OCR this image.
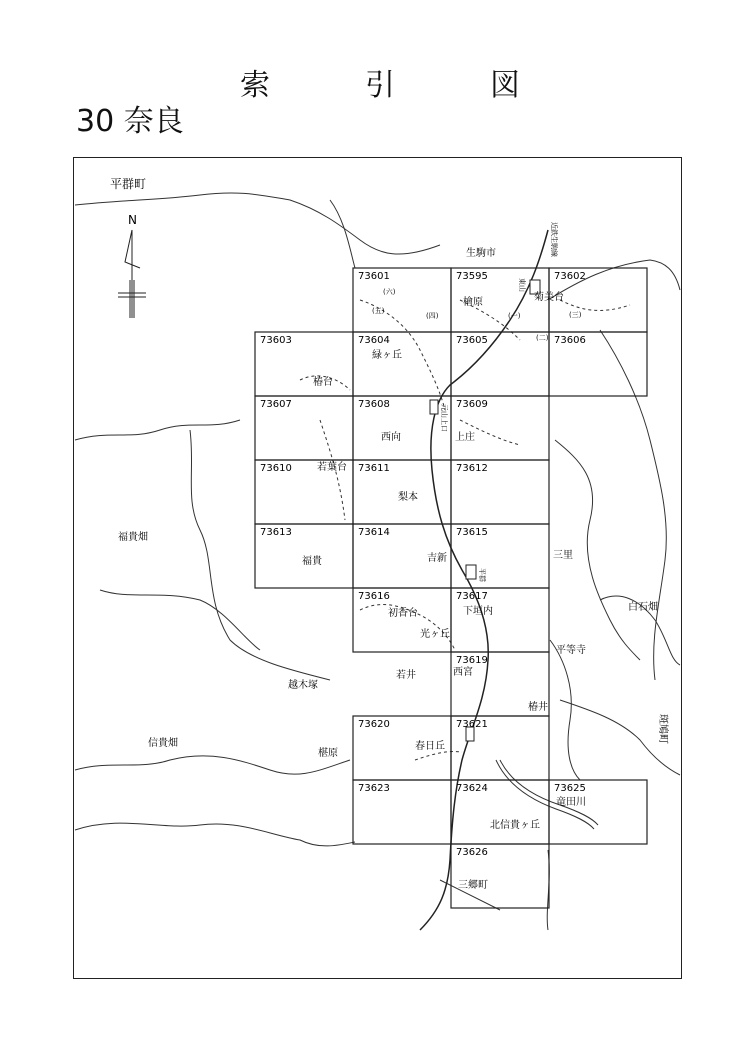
索	引	図
30 奈良
平群町
N
73601	73595	73602
73603	73604	73605	73606
73607	73608	73609
73610	73611	73612
73613	73614	73615
73616	73617
73619
73620	73621
73623	73624	73625
73626
生駒市	近鉄生駒線
東山
菊美台
(五)
(六)
(四)	(一)
(二)
(三)
檜原
緑ヶ丘
椿台
西向	上庄
元山上口
若葉台
梨本
福貴畑
福貴	吉新	三里
平群
初香台
光ヶ丘
下垣内	白石畑
平等寺
越木塚
若井	西宮
椿井
斑鳩町
信貴畑
椹原
春日丘
竜田川
北信貴ヶ丘
三郷町
